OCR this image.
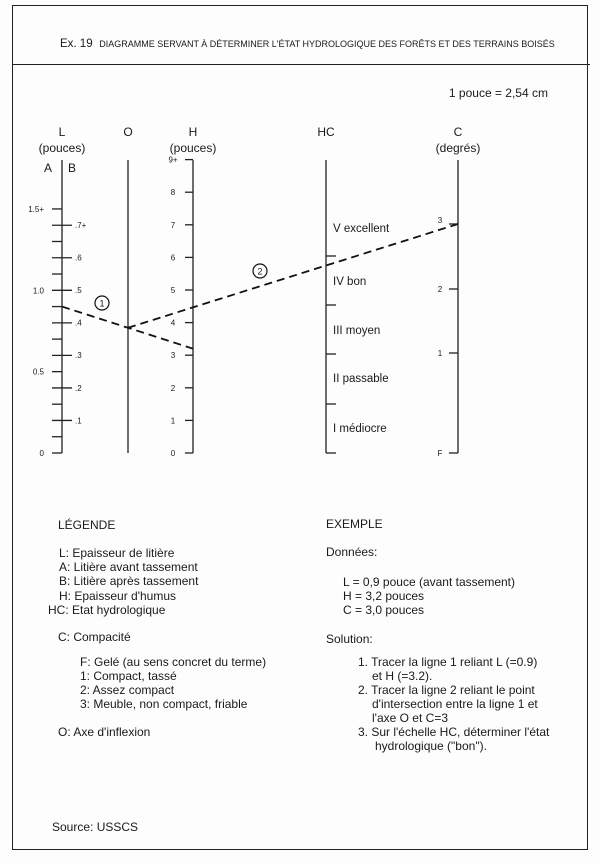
Ex. 19 DIAGRAMME SERVANT À DÉTERMINER L'ÉTAT HYDROLOGIQUE DES FORÊTS ET DES TERRAINS BOISÉS
1 pouce = 2,54 cm
L
(pouces)
A B
O	H
(pouces)
HC	C
(degrés)
0
0.5
1.0
1.5+
.1
.2
.3
.4
.5
.6
.7+
0
1
2
3
4
5
6
7
8
9+
I médiocre
II passable
III moyen
IV bon
V excellent
F
1
2
3
1
2
LÉGENDE
L: Epaisseur de litière
A: Litière avant tassement
B: Litière après tassement
H: Epaisseur d'humus
HC: Etat hydrologique
C: Compacité
F: Gelé (au sens concret du terme)
1: Compact, tassé
2: Assez compact
3: Meuble, non compact, friable
O: Axe d'inflexion
EXEMPLE
Données:
L = 0,9 pouce (avant tassement)
H = 3,2 pouces
C = 3,0 pouces
Solution:
1. Tracer la ligne 1 reliant L (=0.9)
et H (=3.2).
2. Tracer la ligne 2 reliant le point
d'intersection entre la ligne 1 et
l'axe O et C=3
3. Sur l'échelle HC, déterminer l'état
hydrologique ("bon").
Source: USSCS
